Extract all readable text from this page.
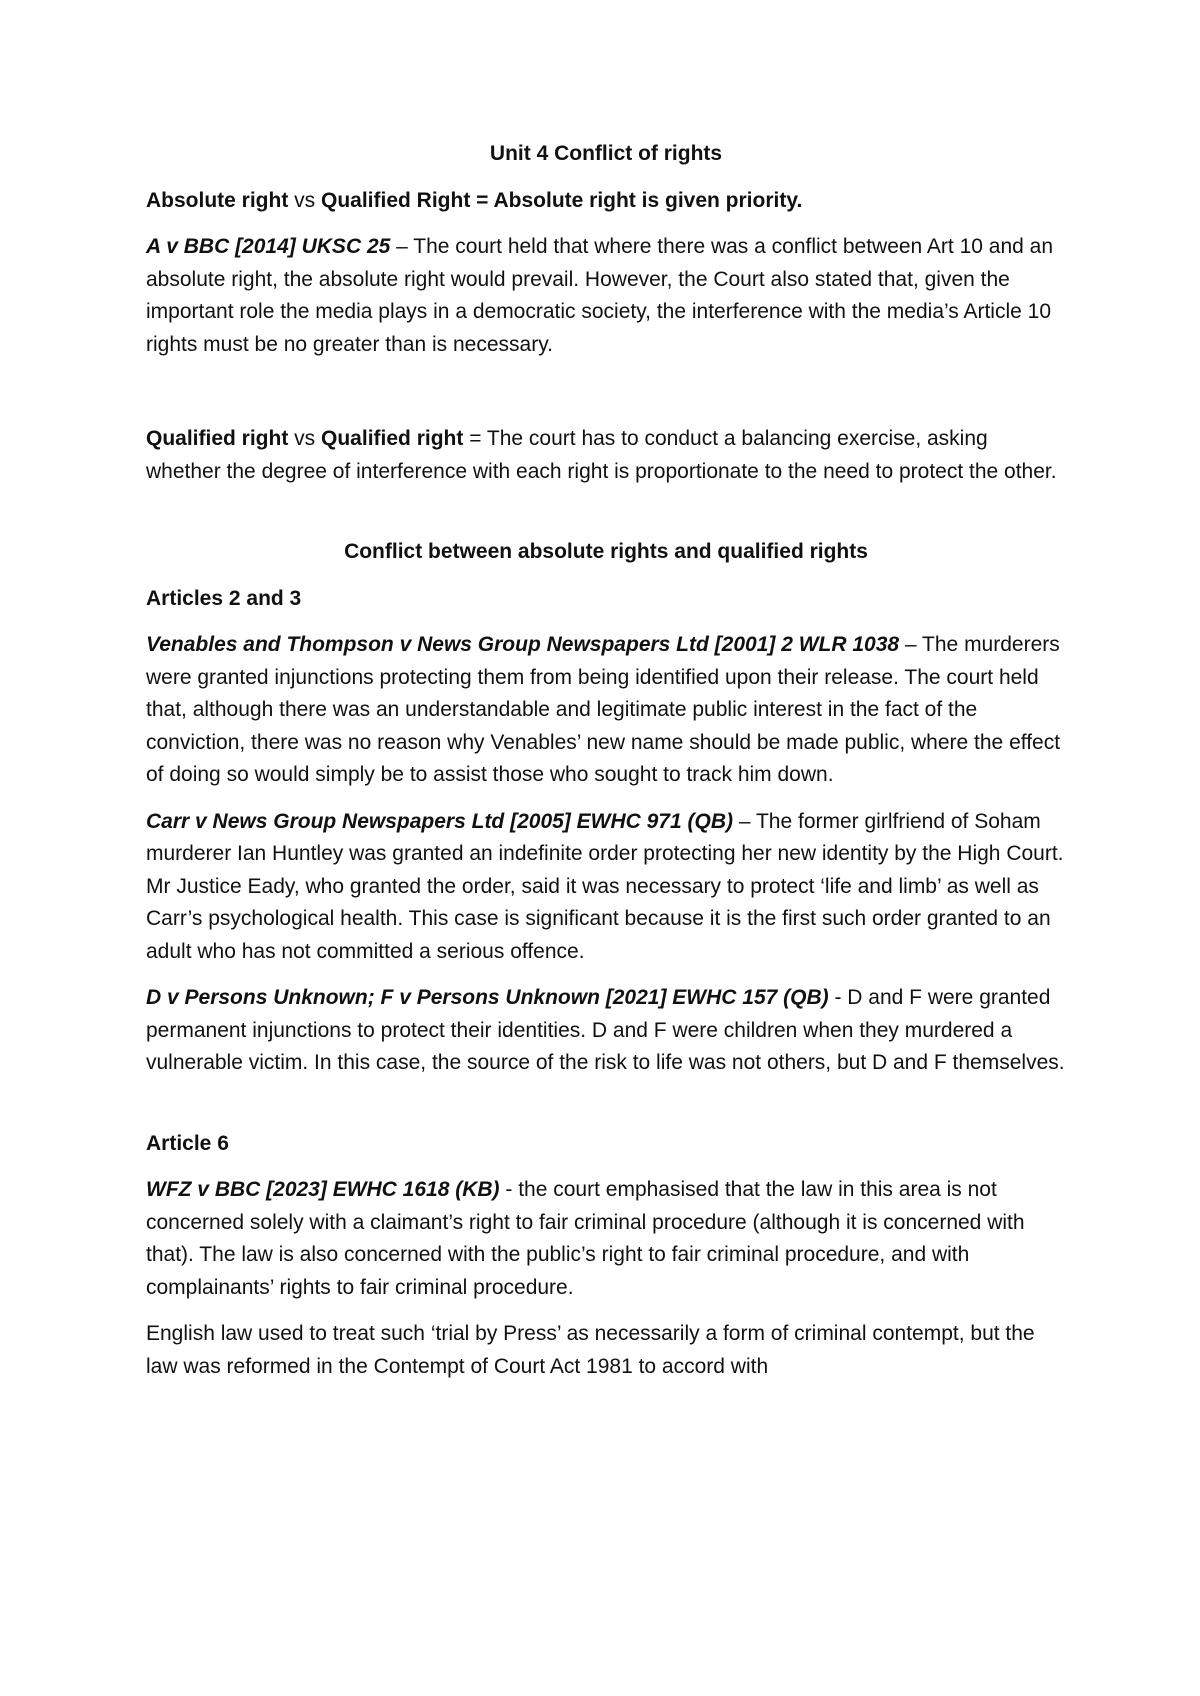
Unit 4 Conflict of rights

Absolute right vs Qualified Right = Absolute right is given priority.

A v BBC [2014] UKSC 25 – The court held that where there was a conflict between Art 10 and an absolute right, the absolute right would prevail. However, the Court also stated that, given the important role the media plays in a democratic society, the interference with the media’s Article 10 rights must be no greater than is necessary.

Qualified right vs Qualified right = The court has to conduct a balancing exercise, asking whether the degree of interference with each right is proportionate to the need to protect the other.

Conflict between absolute rights and qualified rights

Articles 2 and 3

Venables and Thompson v News Group Newspapers Ltd [2001] 2 WLR 1038 – The murderers were granted injunctions protecting them from being identified upon their release. The court held that, although there was an understandable and legitimate public interest in the fact of the conviction, there was no reason why Venables’ new name should be made public, where the effect of doing so would simply be to assist those who sought to track him down.

Carr v News Group Newspapers Ltd [2005] EWHC 971 (QB) – The former girlfriend of Soham murderer Ian Huntley was granted an indefinite order protecting her new identity by the High Court. Mr Justice Eady, who granted the order, said it was necessary to protect ‘life and limb’ as well as Carr’s psychological health. This case is significant because it is the first such order granted to an adult who has not committed a serious offence.

D v Persons Unknown; F v Persons Unknown [2021] EWHC 157 (QB) - D and F were granted permanent injunctions to protect their identities. D and F were children when they murdered a vulnerable victim. In this case, the source of the risk to life was not others, but D and F themselves.

Article 6

WFZ v BBC [2023] EWHC 1618 (KB) - the court emphasised that the law in this area is not concerned solely with a claimant’s right to fair criminal procedure (although it is concerned with that). The law is also concerned with the public’s right to fair criminal procedure, and with complainants’ rights to fair criminal procedure.

English law used to treat such ‘trial by Press’ as necessarily a form of criminal contempt, but the law was reformed in the Contempt of Court Act 1981 to accord with
